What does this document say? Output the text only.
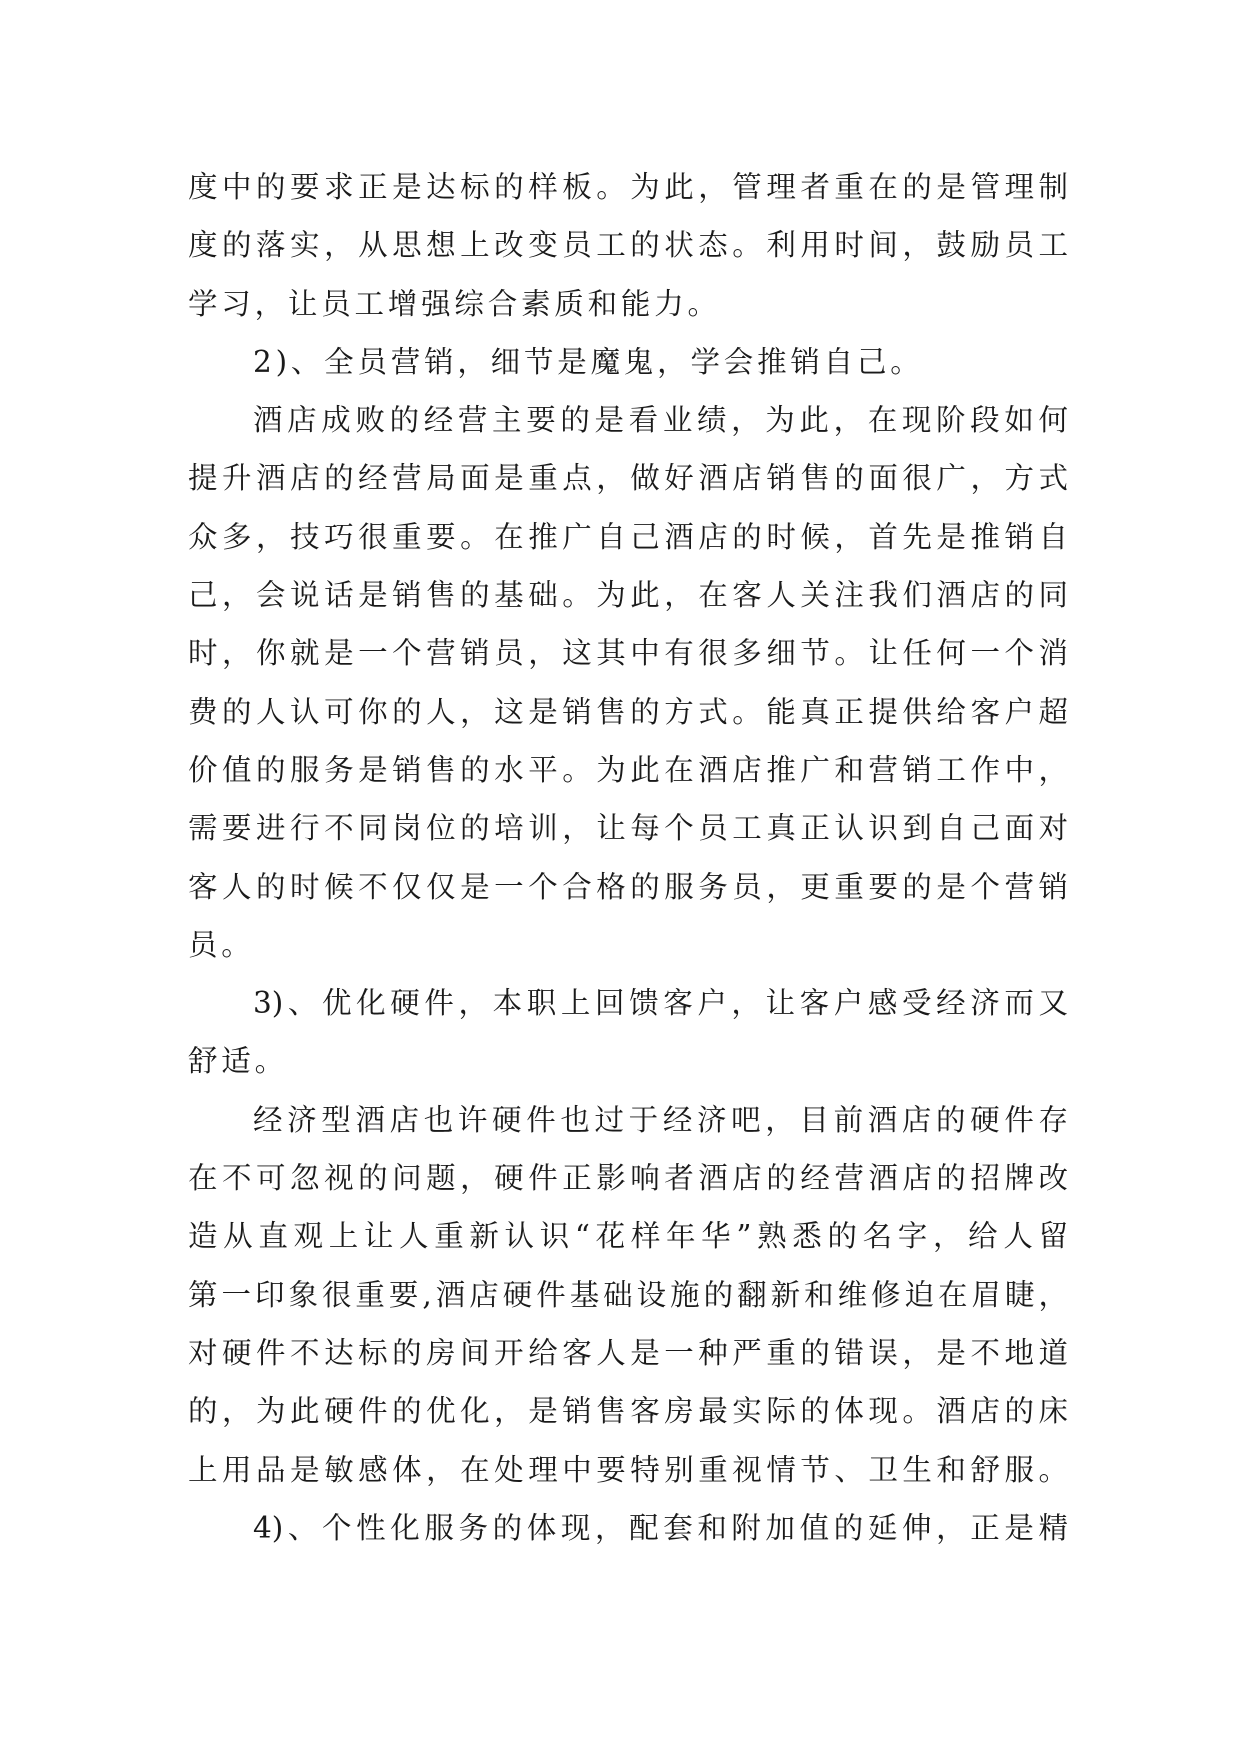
度中的要求正是达标的样板。为此，管理者重在的是管理制
度的落实，从思想上改变员工的状态。利用时间，鼓励员工
学习，让员工增强综合素质和能力。
2)、全员营销，细节是魔鬼，学会推销自己。
酒店成败的经营主要的是看业绩，为此，在现阶段如何
提升酒店的经营局面是重点，做好酒店销售的面很广，方式
众多，技巧很重要。在推广自己酒店的时候，首先是推销自
己，会说话是销售的基础。为此，在客人关注我们酒店的同
时，你就是一个营销员，这其中有很多细节。让任何一个消
费的人认可你的人，这是销售的方式。能真正提供给客户超
价值的服务是销售的水平。为此在酒店推广和营销工作中，
需要进行不同岗位的培训，让每个员工真正认识到自己面对
客人的时候不仅仅是一个合格的服务员，更重要的是个营销
员。
3)、优化硬件，本职上回馈客户，让客户感受经济而又
舒适。
经济型酒店也许硬件也过于经济吧，目前酒店的硬件存
在不可忽视的问题，硬件正影响者酒店的经营酒店的招牌改
造从直观上让人重新认识“花样年华”熟悉的名字，给人留
第一印象很重要,酒店硬件基础设施的翻新和维修迫在眉睫，
对硬件不达标的房间开给客人是一种严重的错误，是不地道
的，为此硬件的优化，是销售客房最实际的体现。酒店的床
上用品是敏感体，在处理中要特别重视情节、卫生和舒服。
4)、个性化服务的体现，配套和附加值的延伸，正是精
